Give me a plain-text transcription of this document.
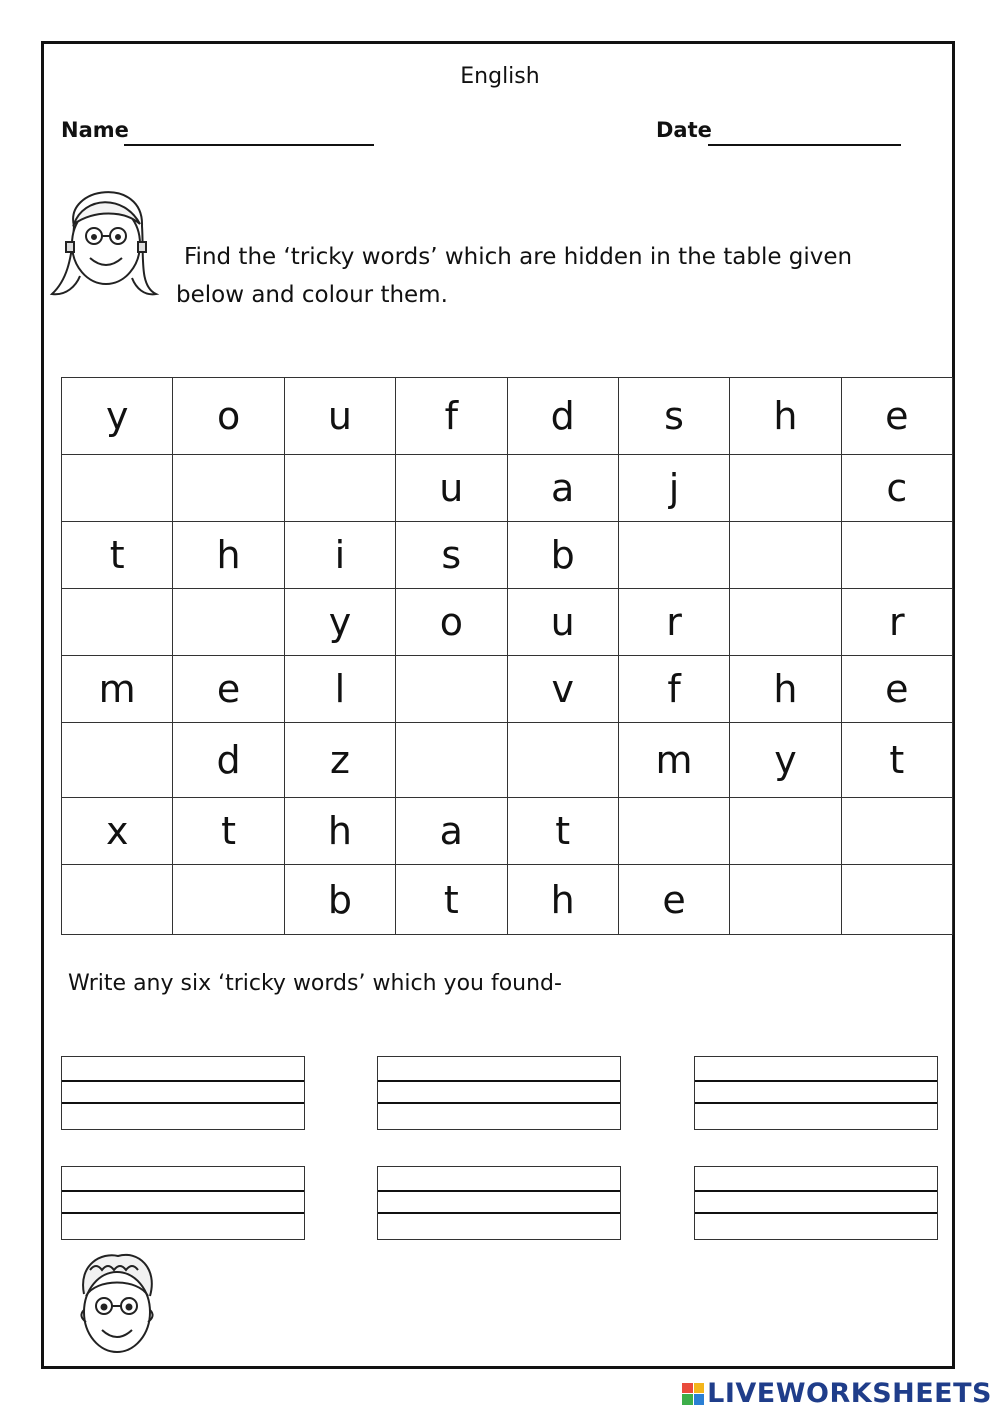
English
Name	Date
Find the ‘tricky words’ which are hidden in the table given
below and colour them.
y	o	u	f	d	s	h	e
			u	a	j		c
t	h	i	s	b			
		y	o	u	r		r
m	e	l		v	f	h	e
	d	z			m	y	t
x	t	h	a	t			
		b	t	h	e		
Write any six ‘tricky words’ which you found-
LIVEWORKSHEETS
